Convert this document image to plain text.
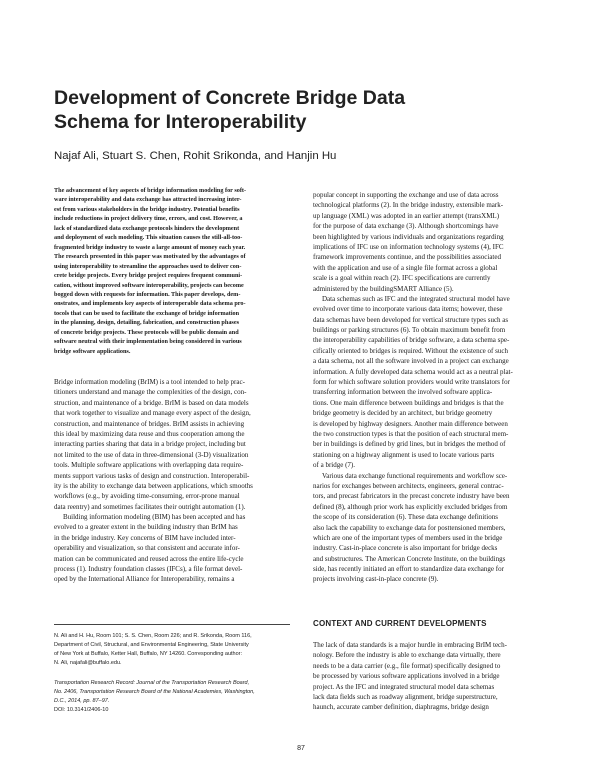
Development of Concrete Bridge Data
Schema for Interoperability
Najaf Ali, Stuart S. Chen, Rohit Srikonda, and Hanjin Hu
The advancement of key aspects of bridge information modeling for soft-
ware interoperability and data exchange has attracted increasing inter-
est from various stakeholders in the bridge industry. Potential benefits
include reductions in project delivery time, errors, and cost. However, a
lack of standardized data exchange protocols hinders the development
and deployment of such modeling. This situation causes the still-all-too-
fragmented bridge industry to waste a large amount of money each year.
The research presented in this paper was motivated by the advantages of
using interoperability to streamline the approaches used to deliver con-
crete bridge projects. Every bridge project requires frequent communi-
cation, without improved software interoperability, projects can become
bogged down with requests for information. This paper develops, dem-
onstrates, and implements key aspects of interoperable data schema pro-
tocols that can be used to facilitate the exchange of bridge information
in the planning, design, detailing, fabrication, and construction phases
of concrete bridge projects. These protocols will be public domain and
software neutral with their implementation being considered in various
bridge software applications.
Bridge information modeling (BrIM) is a tool intended to help prac-
titioners understand and manage the complexities of the design, con-
struction, and maintenance of a bridge. BrIM is based on data models
that work together to visualize and manage every aspect of the design,
construction, and maintenance of bridges. BrIM assists in achieving
this ideal by maximizing data reuse and thus cooperation among the
interacting parties sharing that data in a bridge project, including but
not limited to the use of data in three-dimensional (3-D) visualization
tools. Multiple software applications with overlapping data require-
ments support various tasks of design and construction. Interoperabil-
ity is the ability to exchange data between applications, which smooths
workflows (e.g., by avoiding time-consuming, error-prone manual
data reentry) and sometimes facilitates their outright automation (1).
Building information modeling (BIM) has been accepted and has
evolved to a greater extent in the building industry than BrIM has
in the bridge industry. Key concerns of BIM have included inter-
operability and visualization, so that consistent and accurate infor-
mation can be communicated and reused across the entire life-cycle
process (1). Industry foundation classes (IFCs), a file format devel-
oped by the International Alliance for Interoperability, remains a
N. Ali and H. Hu, Room 101; S. S. Chen, Room 226; and R. Srikonda, Room 116,
Department of Civil, Structural, and Environmental Engineering, State University
of New York at Buffalo, Ketter Hall, Buffalo, NY 14260. Corresponding author:
N. Ali, najafali@buffalo.edu.
Transportation Research Record: Journal of the Transportation Research Board,
No. 2406, Transportation Research Board of the National Academies, Washington,
D.C., 2014, pp. 87–97.
DOI: 10.3141/2406-10
popular concept in supporting the exchange and use of data across
technological platforms (2). In the bridge industry, extensible mark-
up language (XML) was adopted in an earlier attempt (transXML)
for the purpose of data exchange (3). Although shortcomings have
been highlighted by various individuals and organizations regarding
implications of IFC use on information technology systems (4), IFC
framework improvements continue, and the possibilities associated
with the application and use of a single file format across a global
scale is a goal within reach (2). IFC specifications are currently
administered by the buildingSMART Alliance (5).
Data schemas such as IFC and the integrated structural model have
evolved over time to incorporate various data items; however, these
data schemas have been developed for vertical structure types such as
buildings or parking structures (6). To obtain maximum benefit from
the interoperability capabilities of bridge software, a data schema spe-
cifically oriented to bridges is required. Without the existence of such
a data schema, not all the software involved in a project can exchange
information. A fully developed data schema would act as a neutral plat-
form for which software solution providers would write translators for
transferring information between the involved software applica-
tions. One main difference between buildings and bridges is that the
bridge geometry is decided by an architect, but bridge geometry
is developed by highway designers. Another main difference between
the two construction types is that the position of each structural mem-
ber in buildings is defined by grid lines, but in bridges the method of
stationing on a highway alignment is used to locate various parts
of a bridge (7).
Various data exchange functional requirements and workflow sce-
narios for exchanges between architects, engineers, general contrac-
tors, and precast fabricators in the precast concrete industry have been
defined (8), although prior work has explicitly excluded bridges from
the scope of its consideration (6). These data exchange definitions
also lack the capability to exchange data for posttensioned members,
which are one of the important types of members used in the bridge
industry. Cast-in-place concrete is also important for bridge decks
and substructures. The American Concrete Institute, on the buildings
side, has recently initiated an effort to standardize data exchange for
projects involving cast-in-place concrete (9).
CONTEXT AND CURRENT DEVELOPMENTS
The lack of data standards is a major hurdle in embracing BrIM tech-
nology. Before the industry is able to exchange data virtually, there
needs to be a data carrier (e.g., file format) specifically designed to
be processed by various software applications involved in a bridge
project. As the IFC and integrated structural model data schemas
lack data fields such as roadway alignment, bridge superstructure,
haunch, accurate camber definition, diaphragms, bridge design
87
